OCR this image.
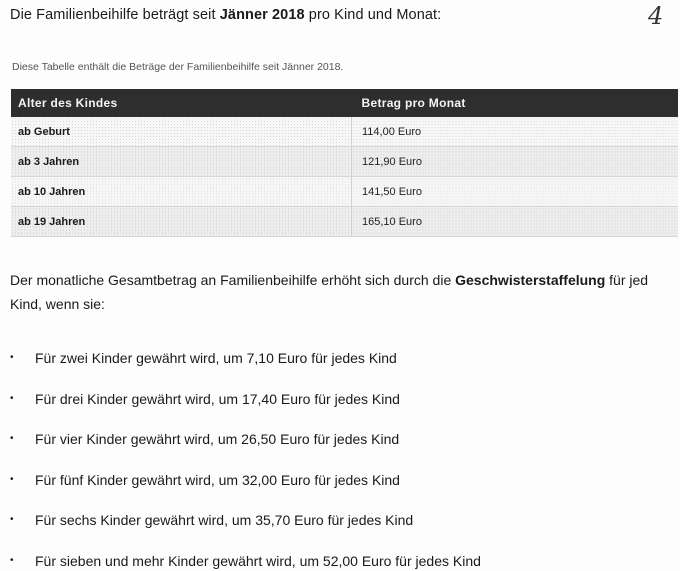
Die Familienbeihilfe beträgt seit Jänner 2018 pro Kind und Monat:	4
Diese Tabelle enthält die Beträge der Familienbeihilfe seit Jänner 2018.
Alter des Kindes	Betrag pro Monat
ab Geburt	114,00 Euro
ab 3 Jahren	121,90 Euro
ab 10 Jahren	141,50 Euro
ab 19 Jahren	165,10 Euro
Der monatliche Gesamtbetrag an Familienbeihilfe erhöht sich durch die Geschwisterstaffelung für jed Kind, wenn sie:
• Für zwei Kinder gewährt wird, um 7,10 Euro für jedes Kind
• Für drei Kinder gewährt wird, um 17,40 Euro für jedes Kind
• Für vier Kinder gewährt wird, um 26,50 Euro für jedes Kind
• Für fünf Kinder gewährt wird, um 32,00 Euro für jedes Kind
• Für sechs Kinder gewährt wird, um 35,70 Euro für jedes Kind
• Für sieben und mehr Kinder gewährt wird, um 52,00 Euro für jedes Kind
